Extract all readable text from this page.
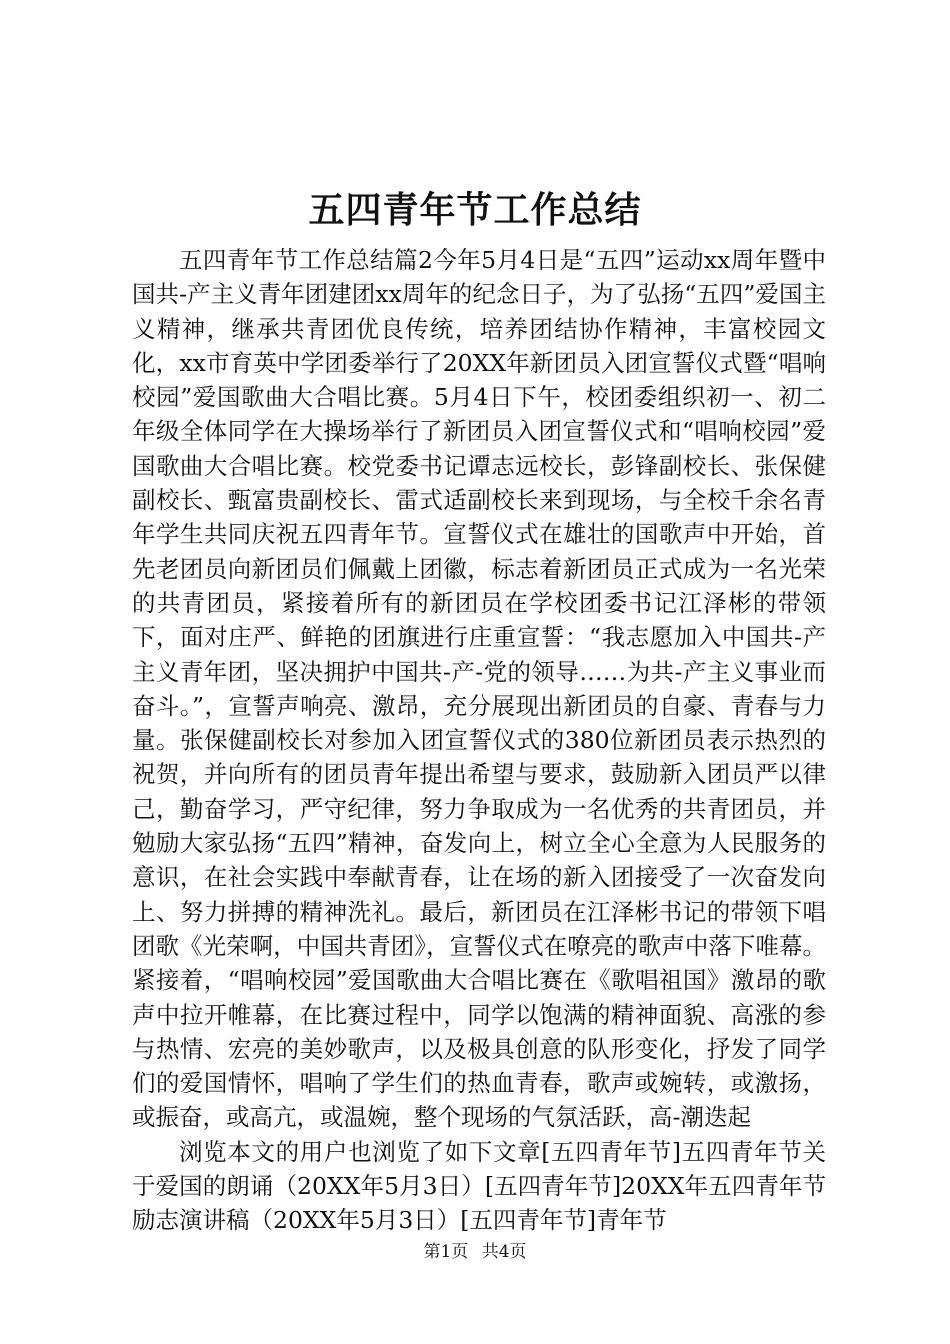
五四青年节工作总结

五四青年节工作总结篇2今年5月4日是“五四”运动xx周年暨中国共-产主义青年团建团xx周年的纪念日子，为了弘扬“五四”爱国主义精神，继承共青团优良传统，培养团结协作精神，丰富校园文化，xx市育英中学团委举行了20XX年新团员入团宣誓仪式暨“唱响校园”爱国歌曲大合唱比赛。5月4日下午，校团委组织初一、初二年级全体同学在大操场举行了新团员入团宣誓仪式和“唱响校园”爱国歌曲大合唱比赛。校党委书记谭志远校长，彭锋副校长、张保健副校长、甄富贵副校长、雷式适副校长来到现场，与全校千余名青年学生共同庆祝五四青年节。宣誓仪式在雄壮的国歌声中开始，首先老团员向新团员们佩戴上团徽，标志着新团员正式成为一名光荣的共青团员，紧接着所有的新团员在学校团委书记江泽彬的带领下，面对庄严、鲜艳的团旗进行庄重宣誓：“我志愿加入中国共-产主义青年团，坚决拥护中国共-产-党的领导……为共-产主义事业而奋斗。”，宣誓声响亮、激昂，充分展现出新团员的自豪、青春与力量。张保健副校长对参加入团宣誓仪式的380位新团员表示热烈的祝贺，并向所有的团员青年提出希望与要求，鼓励新入团员严以律己，勤奋学习，严守纪律，努力争取成为一名优秀的共青团员，并勉励大家弘扬“五四”精神，奋发向上，树立全心全意为人民服务的意识，在社会实践中奉献青春，让在场的新入团接受了一次奋发向上、努力拼搏的精神洗礼。最后，新团员在江泽彬书记的带领下唱团歌《光荣啊，中国共青团》，宣誓仪式在嘹亮的歌声中落下唯幕。紧接着，“唱响校园”爱国歌曲大合唱比赛在《歌唱祖国》激昂的歌声中拉开帷幕，在比赛过程中，同学以饱满的精神面貌、高涨的参与热情、宏亮的美妙歌声，以及极具创意的队形变化，抒发了同学们的爱国情怀，唱响了学生们的热血青春，歌声或婉转，或激扬，或振奋，或高亢，或温婉，整个现场的气氛活跃，高-潮迭起

浏览本文的用户也浏览了如下文章[五四青年节]五四青年节关于爱国的朗诵（20XX年5月3日）[五四青年节]20XX年五四青年节励志演讲稿（20XX年5月3日）[五四青年节]青年节

第1页 共4页
